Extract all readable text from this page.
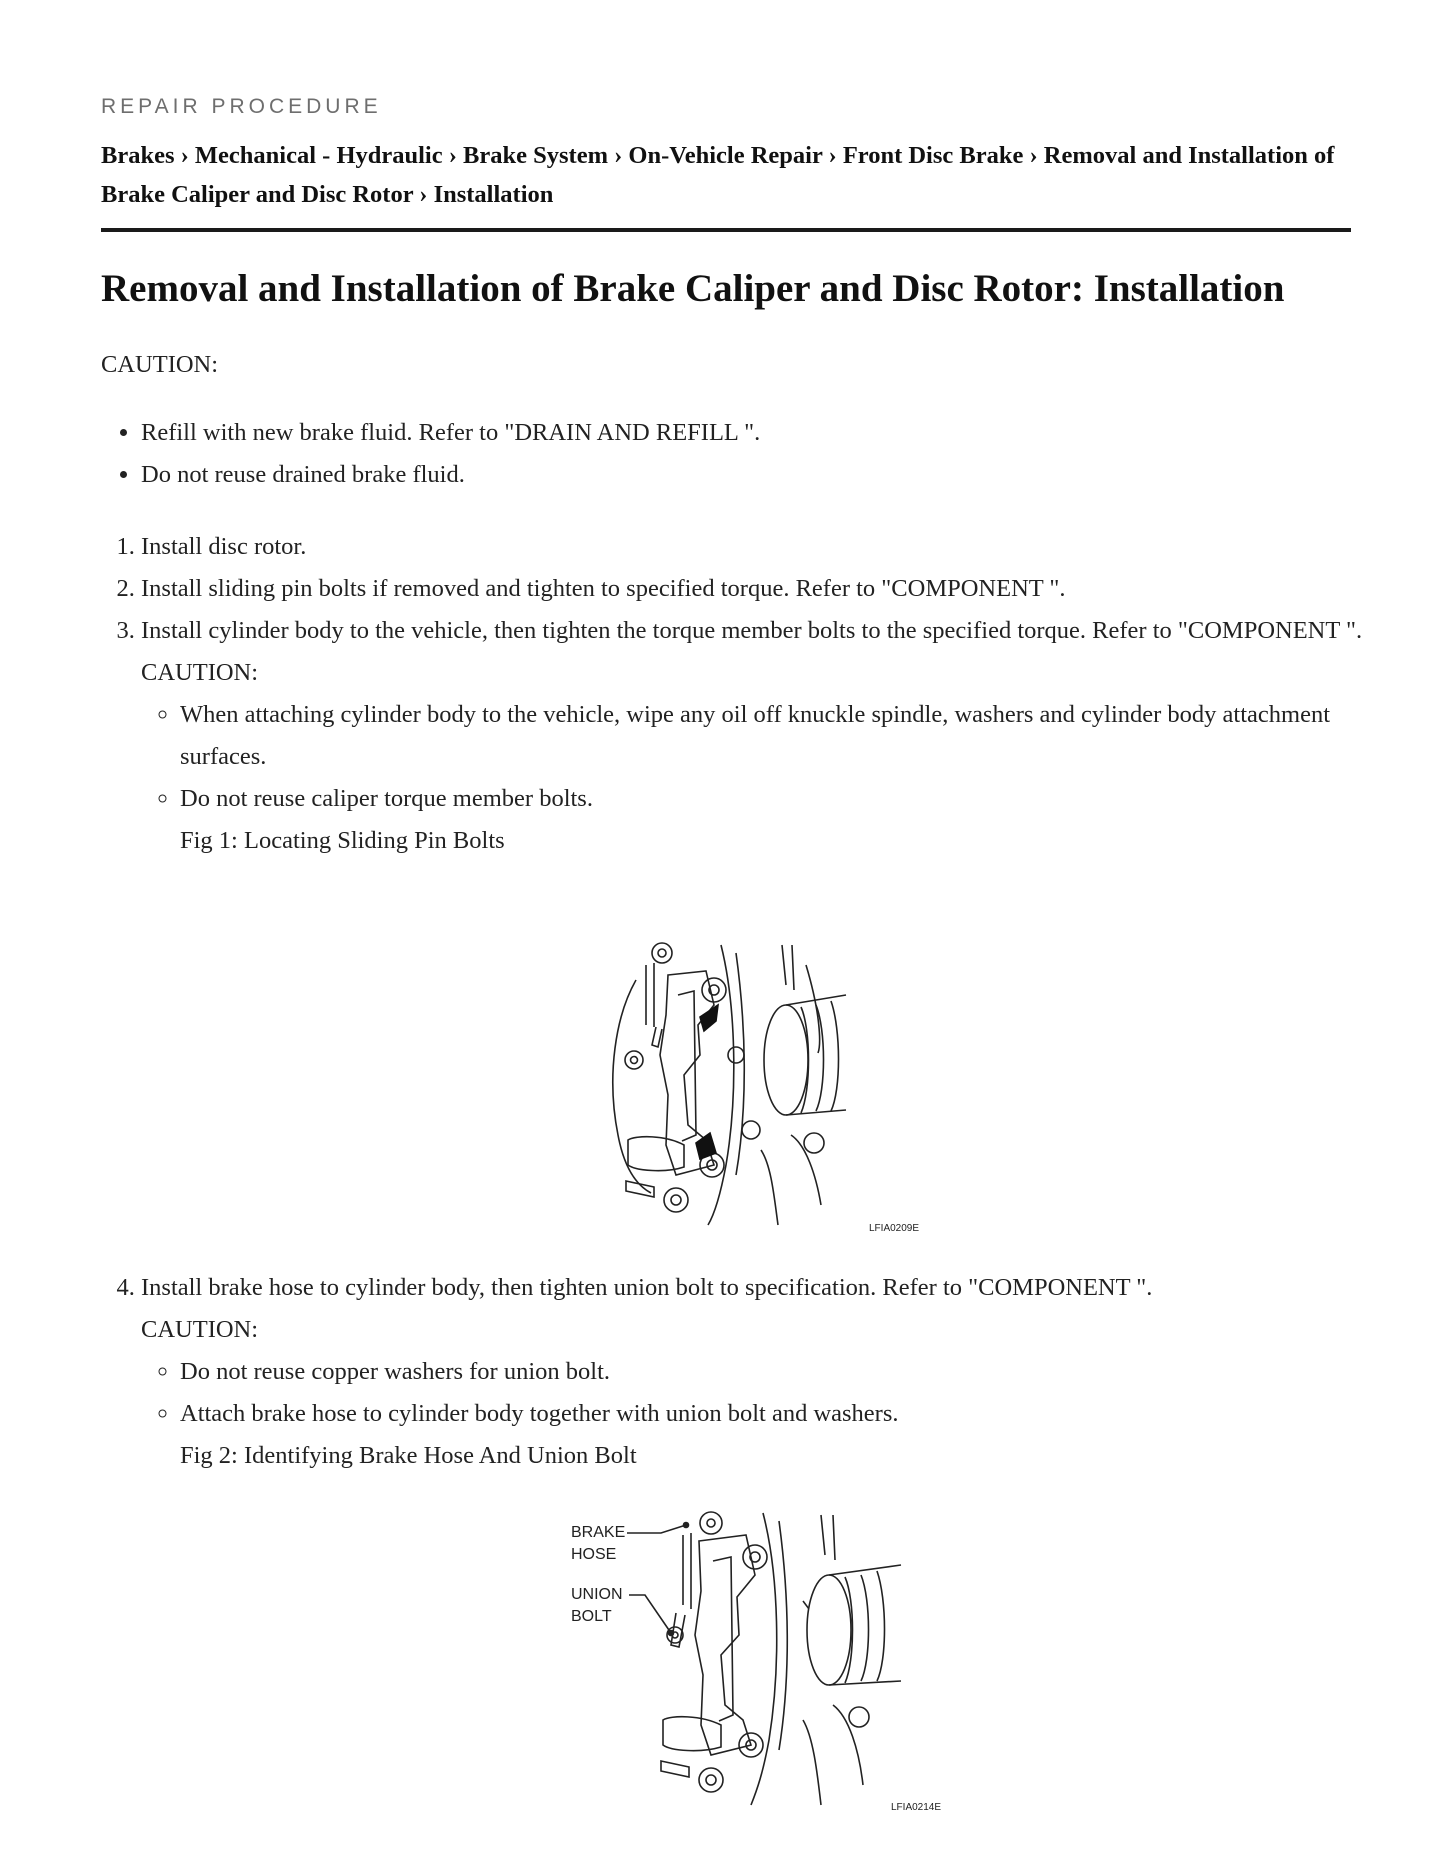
REPAIR PROCEDURE
Brakes › Mechanical - Hydraulic › Brake System › On-Vehicle Repair › Front Disc Brake › Removal and Installation of Brake Caliper and Disc Rotor › Installation
Removal and Installation of Brake Caliper and Disc Rotor: Installation
CAUTION:
• Refill with new brake fluid. Refer to "DRAIN AND REFILL ".
• Do not reuse drained brake fluid.
1. Install disc rotor.
2. Install sliding pin bolts if removed and tighten to specified torque. Refer to "COMPONENT ".
3. Install cylinder body to the vehicle, then tighten the torque member bolts to the specified torque. Refer to "COMPONENT ".
CAUTION:
◦ When attaching cylinder body to the vehicle, wipe any oil off knuckle spindle, washers and cylinder body attachment surfaces.
◦ Do not reuse caliper torque member bolts.
Fig 1: Locating Sliding Pin Bolts
4. Install brake hose to cylinder body, then tighten union bolt to specification. Refer to "COMPONENT ".
CAUTION:
◦ Do not reuse copper washers for union bolt.
◦ Attach brake hose to cylinder body together with union bolt and washers.
Fig 2: Identifying Brake Hose And Union Bolt
LFIA0209E
BRAKE
HOSE
UNION
BOLT
LFIA0214E
